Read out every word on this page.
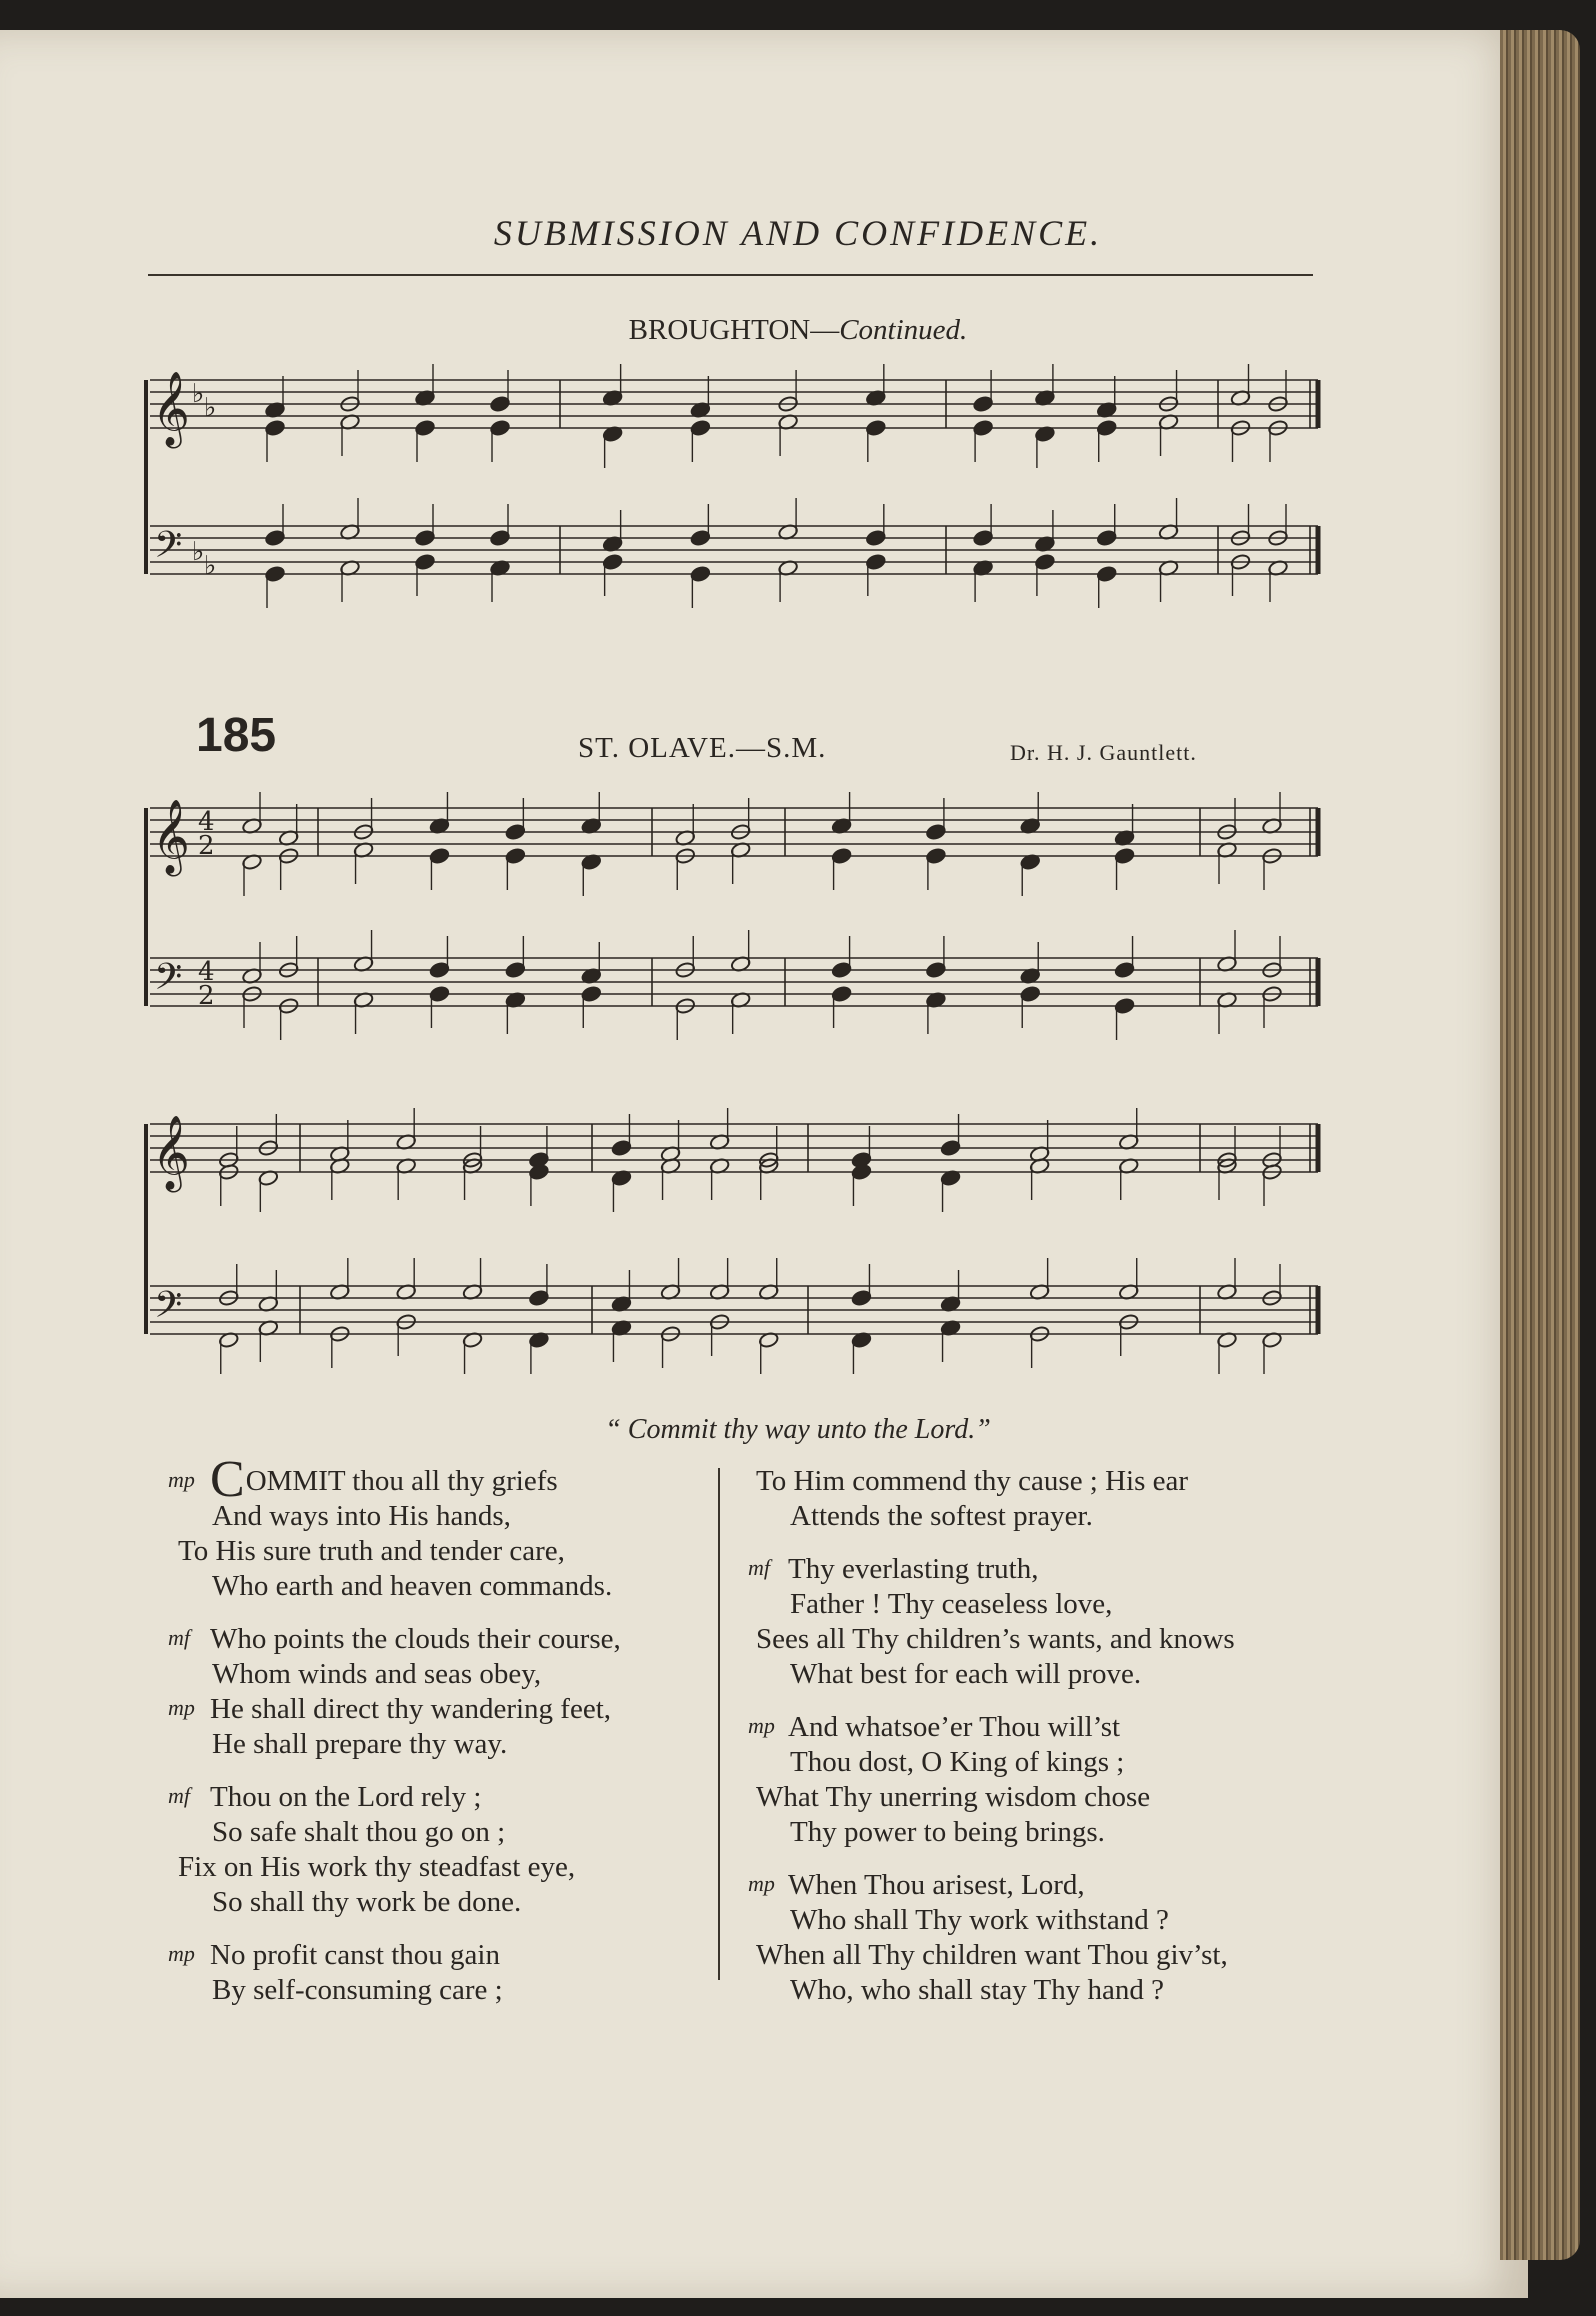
SUBMISSION AND CONFIDENCE.
BROUGHTON—Continued.
185	ST. OLAVE.—S.M.	Dr. H. J. Gauntlett.
𝄞
𝄢
♭ ♭
♭ ♭
𝄞
𝄢
4
2
4
2
𝄞
𝄢
“ Commit thy way unto the Lord.”
mp COMMIT thou all thy griefs
And ways into His hands,
To His sure truth and tender care,
Who earth and heaven commands.
mf Who points the clouds their course,
Whom winds and seas obey,
mp He shall direct thy wandering feet,
He shall prepare thy way.
mf Thou on the Lord rely ;
So safe shalt thou go on ;
Fix on His work thy steadfast eye,
So shall thy work be done.
mp No profit canst thou gain
By self-consuming care ;
To Him commend thy cause ; His ear
Attends the softest prayer.
mf Thy everlasting truth,
Father ! Thy ceaseless love,
Sees all Thy children’s wants, and knows
What best for each will prove.
mp And whatsoe’er Thou will’st
Thou dost, O King of kings ;
What Thy unerring wisdom chose
Thy power to being brings.
mp When Thou arisest, Lord,
Who shall Thy work withstand ?
When all Thy children want Thou giv’st,
Who, who shall stay Thy hand ?
